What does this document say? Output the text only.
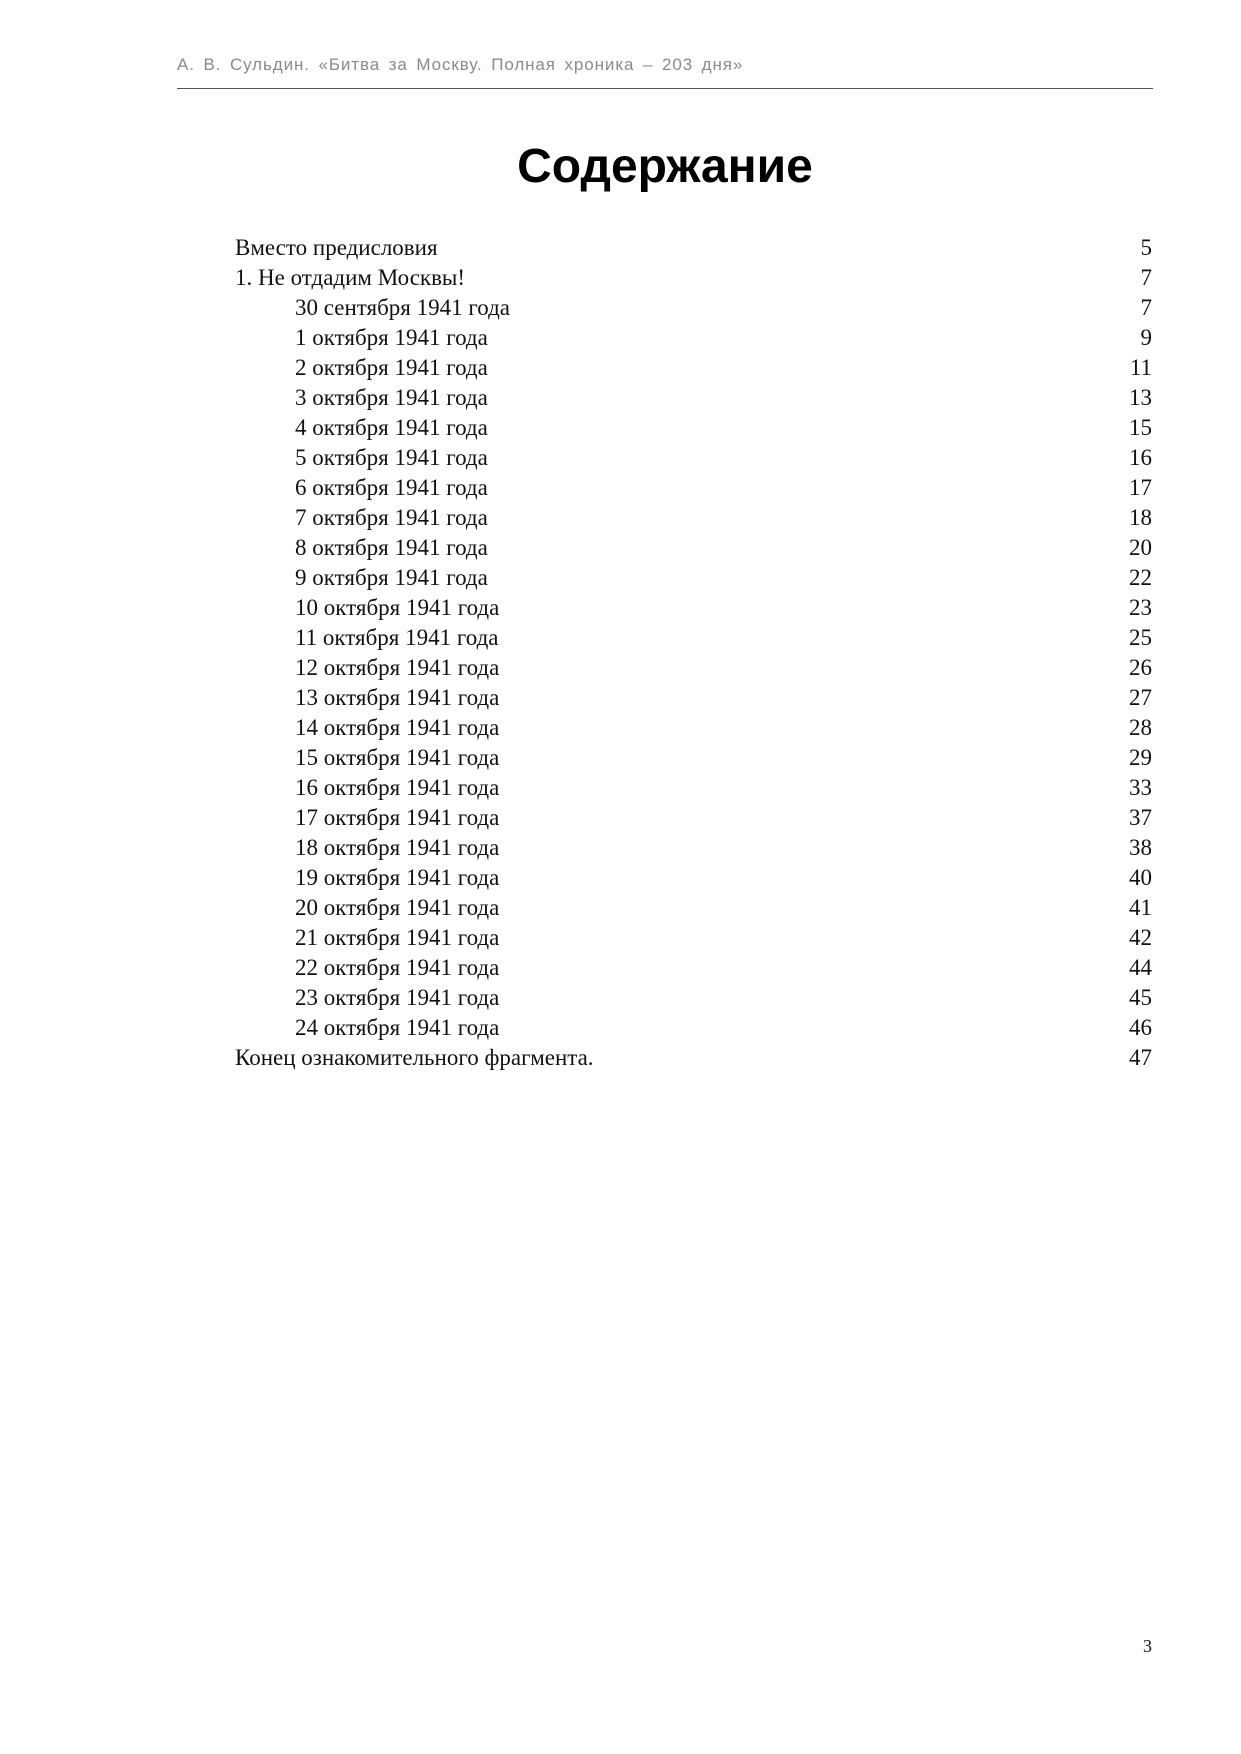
А. В. Сульдин. «Битва за Москву. Полная хроника – 203 дня»
Содержание
Вместо предисловия	5
1. Не отдадим Москвы!	7
30 сентября 1941 года	7
1 октября 1941 года	9
2 октября 1941 года	11
3 октября 1941 года	13
4 октября 1941 года	15
5 октября 1941 года	16
6 октября 1941 года	17
7 октября 1941 года	18
8 октября 1941 года	20
9 октября 1941 года	22
10 октября 1941 года	23
11 октября 1941 года	25
12 октября 1941 года	26
13 октября 1941 года	27
14 октября 1941 года	28
15 октября 1941 года	29
16 октября 1941 года	33
17 октября 1941 года	37
18 октября 1941 года	38
19 октября 1941 года	40
20 октября 1941 года	41
21 октября 1941 года	42
22 октября 1941 года	44
23 октября 1941 года	45
24 октября 1941 года	46
Конец ознакомительного фрагмента.	47
3
